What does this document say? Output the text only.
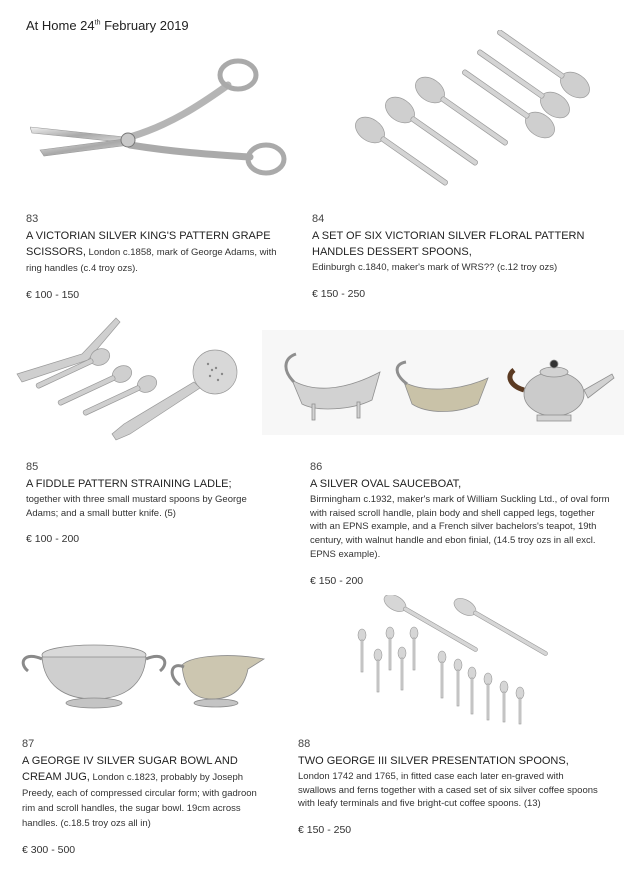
At Home 24th February 2019
83
A VICTORIAN SILVER KING'S PATTERN GRAPE SCISSORS, London c.1858, mark of George Adams, with ring handles (c.4 troy ozs).
€ 100 - 150
84
A SET OF SIX VICTORIAN SILVER FLORAL PATTERN HANDLES DESSERT SPOONS,
Edinburgh c.1840, maker's mark of WRS?? (c.12 troy ozs)
€ 150 - 250
85
A FIDDLE PATTERN STRAINING LADLE;
together with three small mustard spoons by George Adams; and a small butter knife. (5)
€ 100 - 200
86
A SILVER OVAL SAUCEBOAT,
Birmingham c.1932, maker's mark of William Suckling Ltd., of oval form with raised scroll handle, plain body and shell capped legs, together with an EPNS example, and a French silver bachelors's teapot, 19th century, with walnut handle and ebon finial, (14.5 troy ozs in all excl. EPNS example).
€ 150 - 200
87
A GEORGE IV SILVER SUGAR BOWL AND CREAM JUG, London c.1823, probably by Joseph Preedy, each of compressed circular form; with gadroon rim and scroll handles, the sugar bowl. 19cm across handles. (c.18.5 troy ozs all in)
€ 300 - 500
88
TWO GEORGE III SILVER PRESENTATION SPOONS,
London 1742 and 1765, in fitted case each later en-graved with swallows and ferns together with a cased set of six silver coffee spoons with leafy terminals and five bright-cut coffee spoons. (13)
€ 150 - 250
